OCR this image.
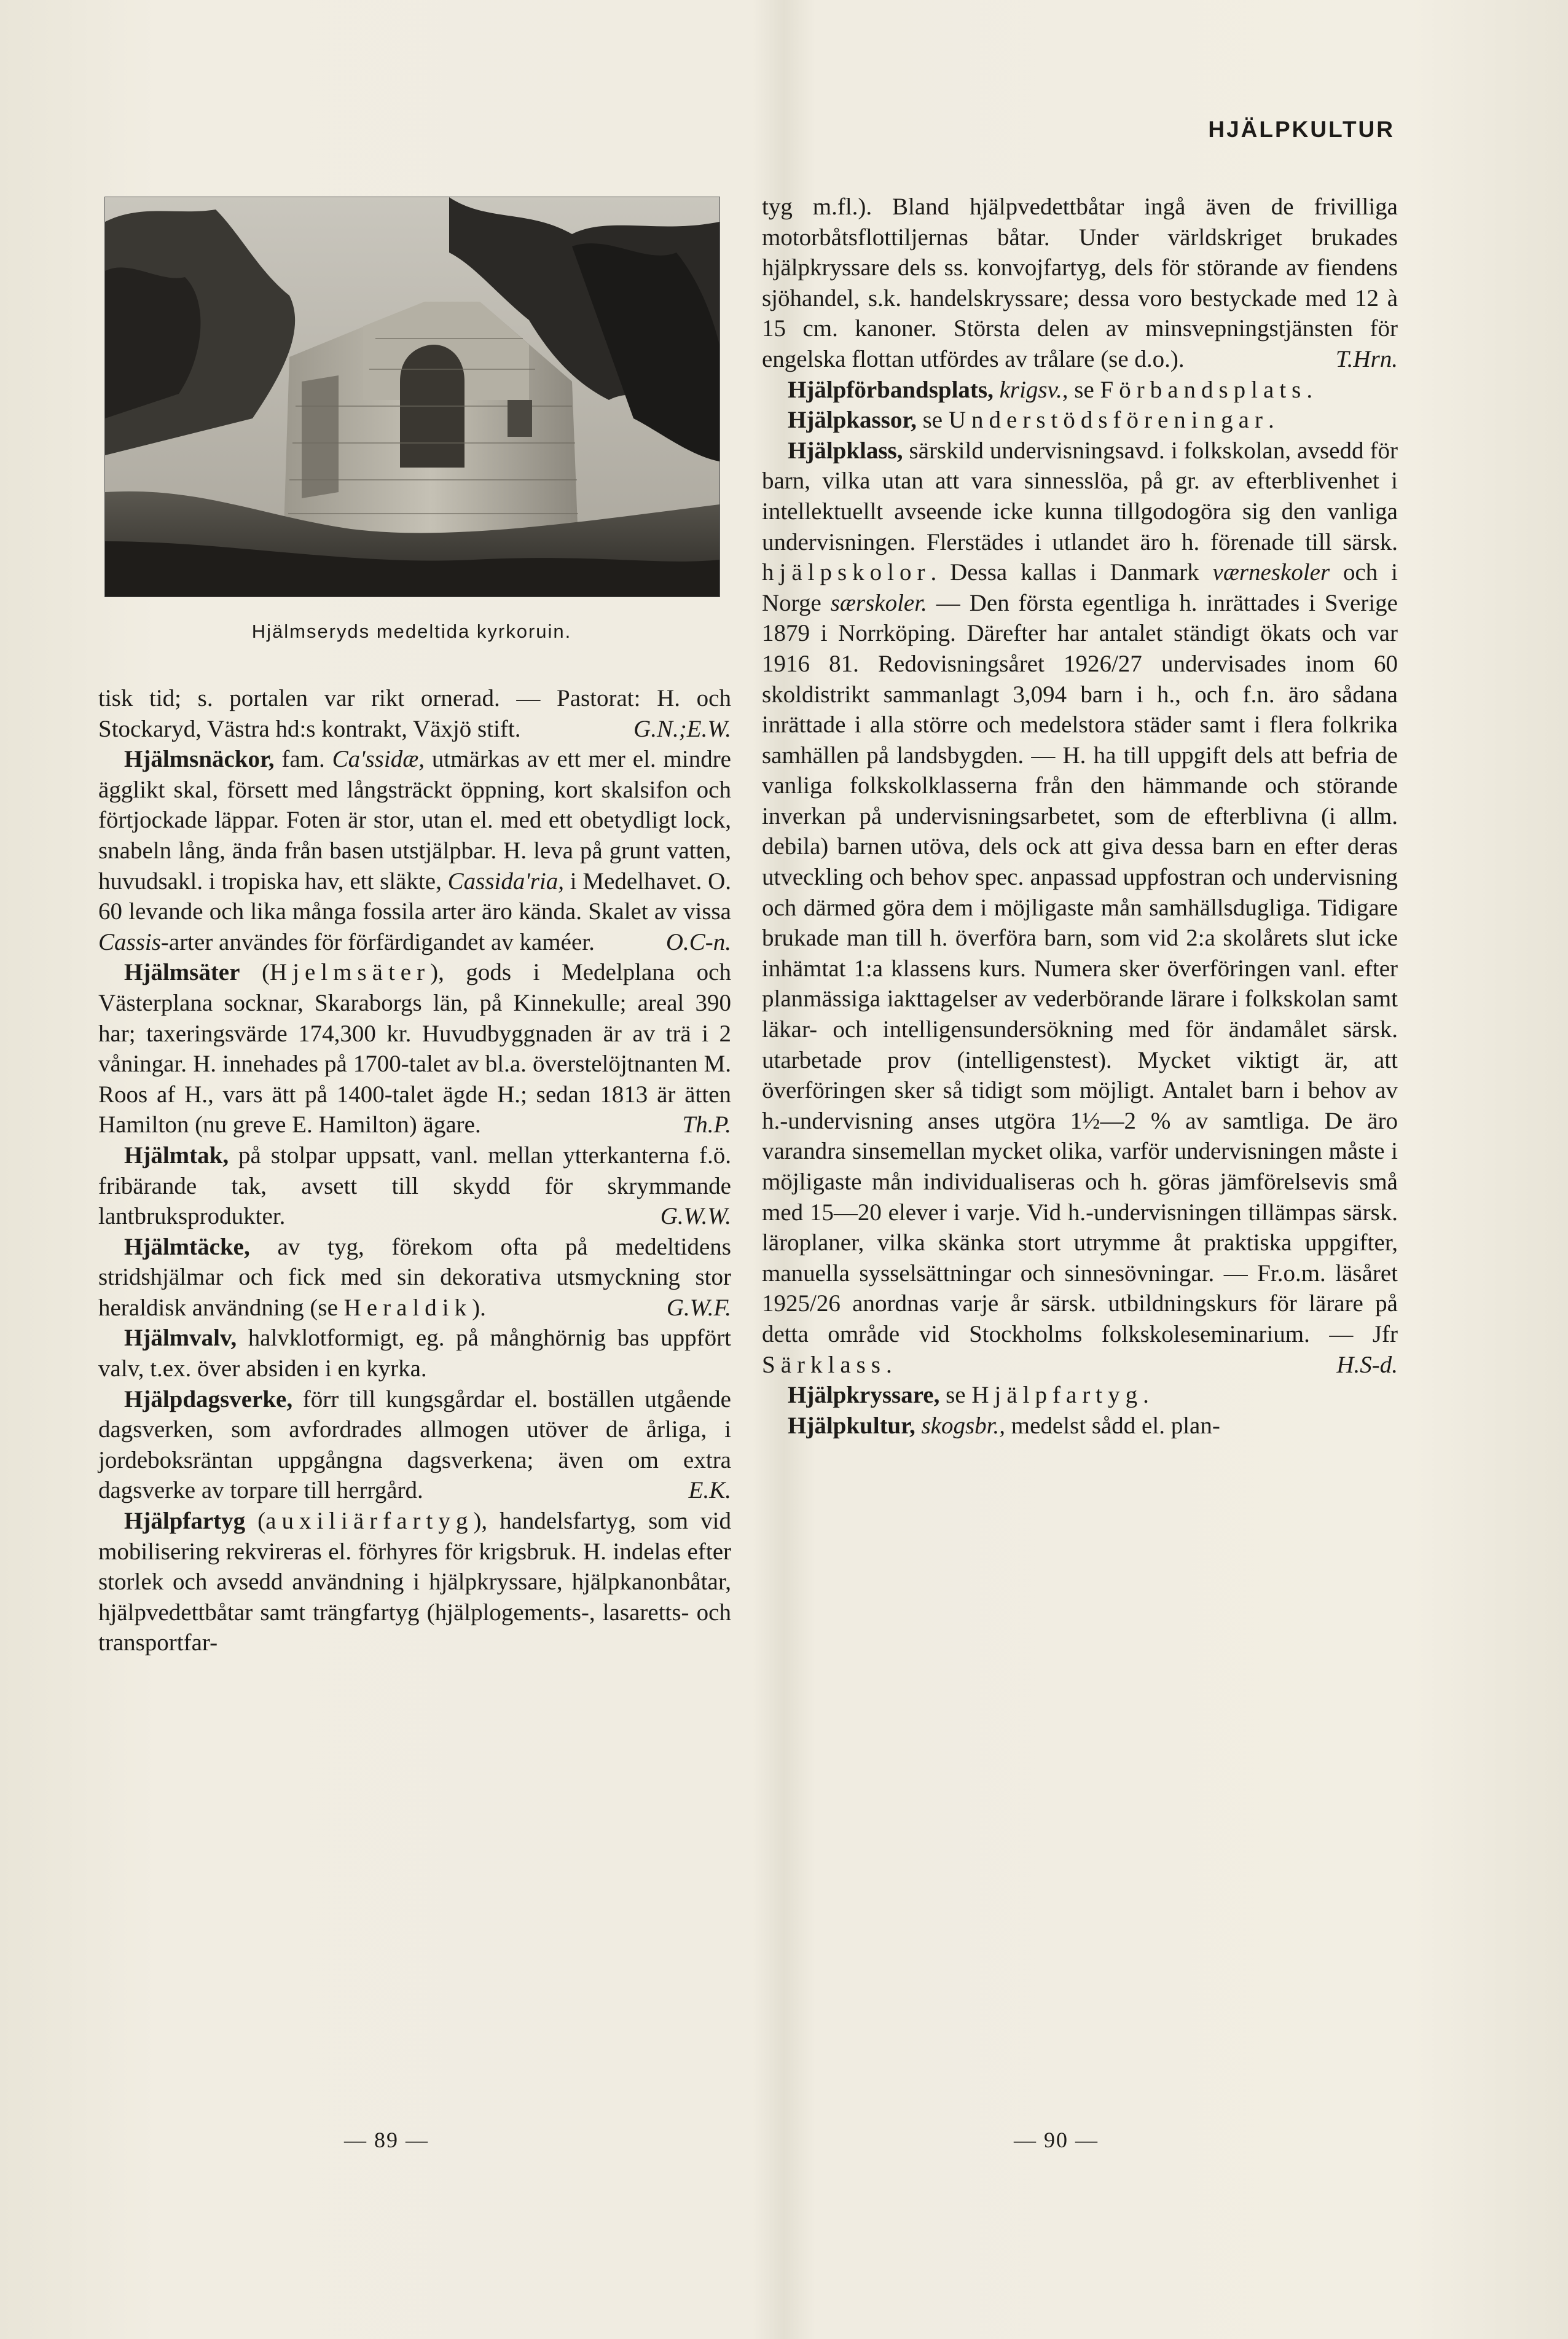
HJÄLPKULTUR
Hjälmseryds medeltida kyrkoruin.

tisk tid; s. portalen var rikt ornerad. — Pastorat: H. och Stockaryd, Västra hd:s kontrakt, Växjö stift.	G.N.;E.W.

Hjälmsnäckor, fam. Ca'ssidæ, utmärkas av ett mer el. mindre ägglikt skal, försett med långsträckt öppning, kort skalsifon och förtjockade läppar. Foten är stor, utan el. med ett obetydligt lock, snabeln lång, ända från basen utstjälpbar. H. leva på grunt vatten, huvudsakl. i tropiska hav, ett släkte, Cassida'ria, i Medelhavet. O. 60 levande och lika många fossila arter äro kända. Skalet av vissa Cassis-arter användes för förfärdigandet av kaméer.	O.C-n.

Hjälmsäter (Hjelmsäter), gods i Medelplana och Västerplana socknar, Skaraborgs län, på Kinnekulle; areal 390 har; taxeringsvärde 174,300 kr. Huvudbyggnaden är av trä i 2 våningar. H. innehades på 1700-talet av bl.a. överstelöjtnanten M. Roos af H., vars ätt på 1400-talet ägde H.; sedan 1813 är ätten Hamilton (nu greve E. Hamilton) ägare.	Th.P.

Hjälmtak, på stolpar uppsatt, vanl. mellan ytterkanterna f.ö. fribärande tak, avsett till skydd för skrymmande lantbruksprodukter.	G.W.W.

Hjälmtäcke, av tyg, förekom ofta på medeltidens stridshjälmar och fick med sin dekorativa utsmyckning stor heraldisk användning (se Heraldik).	G.W.F.

Hjälmvalv, halvklotformigt, eg. på månghörnig bas uppfört valv, t.ex. över absiden i en kyrka.

Hjälpdagsverke, förr till kungsgårdar el. boställen utgående dagsverken, som avfordrades allmogen utöver de årliga, i jordeboksräntan uppgångna dagsverkena; även om extra dagsverke av torpare till herrgård.	E.K.

Hjälpfartyg (auxiliärfartyg), handelsfartyg, som vid mobilisering rekvireras el. förhyres för krigsbruk. H. indelas efter storlek och avsedd användning i hjälpkryssare, hjälpkanonbåtar, hjälpvedettbåtar samt trängfartyg (hjälplogements-, lasaretts- och transportfar-

tyg m.fl.). Bland hjälpvedettbåtar ingå även de frivilliga motorbåtsflottiljernas båtar. Under världskriget brukades hjälpkryssare dels ss. konvojfartyg, dels för störande av fiendens sjöhandel, s.k. handelskryssare; dessa voro bestyckade med 12 à 15 cm. kanoner. Största delen av minsvepningstjänsten för engelska flottan utfördes av trålare (se d.o.).	T.Hrn.

Hjälpförbandsplats, krigsv., se Förbandsplats.

Hjälpkassor, se Understödsföreningar.

Hjälpklass, särskild undervisningsavd. i folkskolan, avsedd för barn, vilka utan att vara sinnesslöa, på gr. av efterblivenhet i intellektuellt avseende icke kunna tillgodogöra sig den vanliga undervisningen. Flerstädes i utlandet äro h. förenade till särsk. hjälpskolor. Dessa kallas i Danmark værneskoler och i Norge særskoler. — Den första egentliga h. inrättades i Sverige 1879 i Norrköping. Därefter har antalet ständigt ökats och var 1916 81. Redovisningsåret 1926/27 undervisades inom 60 skoldistrikt sammanlagt 3,094 barn i h., och f.n. äro sådana inrättade i alla större och medelstora städer samt i flera folkrika samhällen på landsbygden. — H. ha till uppgift dels att befria de vanliga folkskolklasserna från den hämmande och störande inverkan på undervisningsarbetet, som de efterblivna (i allm. debila) barnen utöva, dels ock att giva dessa barn en efter deras utveckling och behov spec. anpassad uppfostran och undervisning och därmed göra dem i möjligaste mån samhällsdugliga. Tidigare brukade man till h. överföra barn, som vid 2:a skolårets slut icke inhämtat 1:a klassens kurs. Numera sker överföringen vanl. efter planmässiga iakttagelser av vederbörande lärare i folkskolan samt läkar- och intelligensundersökning med för ändamålet särsk. utarbetade prov (intelligenstest). Mycket viktigt är, att överföringen sker så tidigt som möjligt. Antalet barn i behov av h.-undervisning anses utgöra 1½—2 % av samtliga. De äro varandra sinsemellan mycket olika, varför undervisningen måste i möjligaste mån individualiseras och h. göras jämförelsevis små med 15—20 elever i varje. Vid h.-undervisningen tillämpas särsk. läroplaner, vilka skänka stort utrymme åt praktiska uppgifter, manuella sysselsättningar och sinnesövningar. — Fr.o.m. läsåret 1925/26 anordnas varje år särsk. utbildningskurs för lärare på detta område vid Stockholms folkskoleseminarium. — Jfr Särklass.	H.S-d.

Hjälpkryssare, se Hjälpfartyg.

Hjälpkultur, skogsbr., medelst sådd el. plan-

— 89 —	— 90 —
